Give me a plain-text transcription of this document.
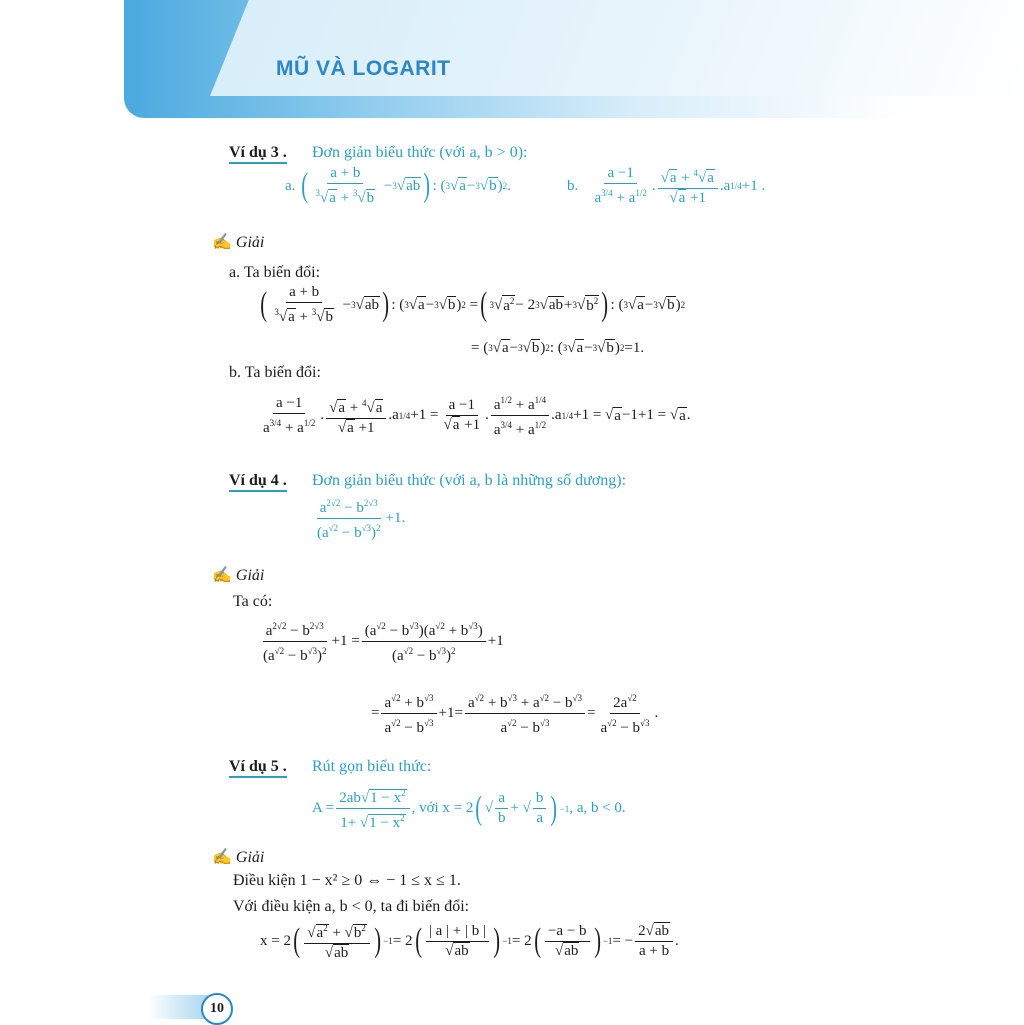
MŨ VÀ LOGARIT
Ví dụ 3 . Đơn giản biểu thức (với a, b > 0):
a.
( $\frac{a + b}{^3√a + ^3√b} - 3$ √ ab ) : ( 3 √ a − 3 √ b ) 2 .	b.
$\frac{a -1}{a^{3/4} + a^{1/2}}$ . $\frac{√a + ^4√a}{√a +1} .a$ 1/4 +1 .
✍ Giải
a. Ta biến đổi:
( $\frac{a + b}{^3√a + ^3√b} - 3$ √ ab ) : ( 3 √ a − 3 √ b ) 2 = ( 3 √ $a^2 - 2$ 3 √ ab + 3 √ $b^2$ ) : ( 3 √ a − 3 √ b ) 2
= ( 3 √ a − 3 √ b ) 2 : ( 3 √ a − 3 √ b ) 2 =1.
b. Ta biến đổi:
$\frac{a -1}{a^{3/4} + a^{1/2}}$ . $\frac{√a + ^4√a}{√a +1} .a$ $1/4 +1 = \frac{a -1}{√a +1}$ . $\frac{a^{1/2} + a^{1/4}}{a^{3/4} + a^{1/2}} .a$ 1/4 +1 = √ a −1+1 = √ a .
Ví dụ 4 . Đơn giản biểu thức (với a, b là những số dương):
$\frac{a^{2√2} - b^{2√3}}{(a^{√2} - b^{√3})^2} +1$.
✍ Giải
Ta có:
$\frac{a^{2√2} - b^{2√3}}{(a^{√2} - b^{√3})^2} +1 = \frac{(a^{√2} - b^{√3})(a^{√2} + b^{√3})}{(a^{√2} - b^{√3})^2} +1$
= $\frac{a^{√2} + b^{√3}}{a^{√2} - b^{√3}} +1= \frac{a^{√2} + b^{√3} + a^{√2} - b^{√3}}{a^{√2} - b^{√3}} = \frac{2a^{√2}}{a^{√2} - b^{√3}}$ .
Ví dụ 5 . Rút gọn biểu thức:
$A = \frac{2ab√1 - x^2}{1+ √1 - x^2}$ , với x = 2 ( √ $\frac{a}{b}$ + √ $\frac{b}{a}$ ) −1 , a, b < 0.
✍ Giải
Điều kiện 1 − x² ≥ 0 ⇔ − 1 ≤ x ≤ 1.
Với điều kiện a, b < 0, ta đi biến đổi:
x = 2 ( $\frac{√a^2 + √b^2}{√ab}$ ) −1 = 2 ( $\frac{| a | + | b |}{√ab}$ ) −1 = 2 ( $\frac{-a - b}{√ab}$ ) −1 = − $\frac{2√ab}{a + b}$ .
10
